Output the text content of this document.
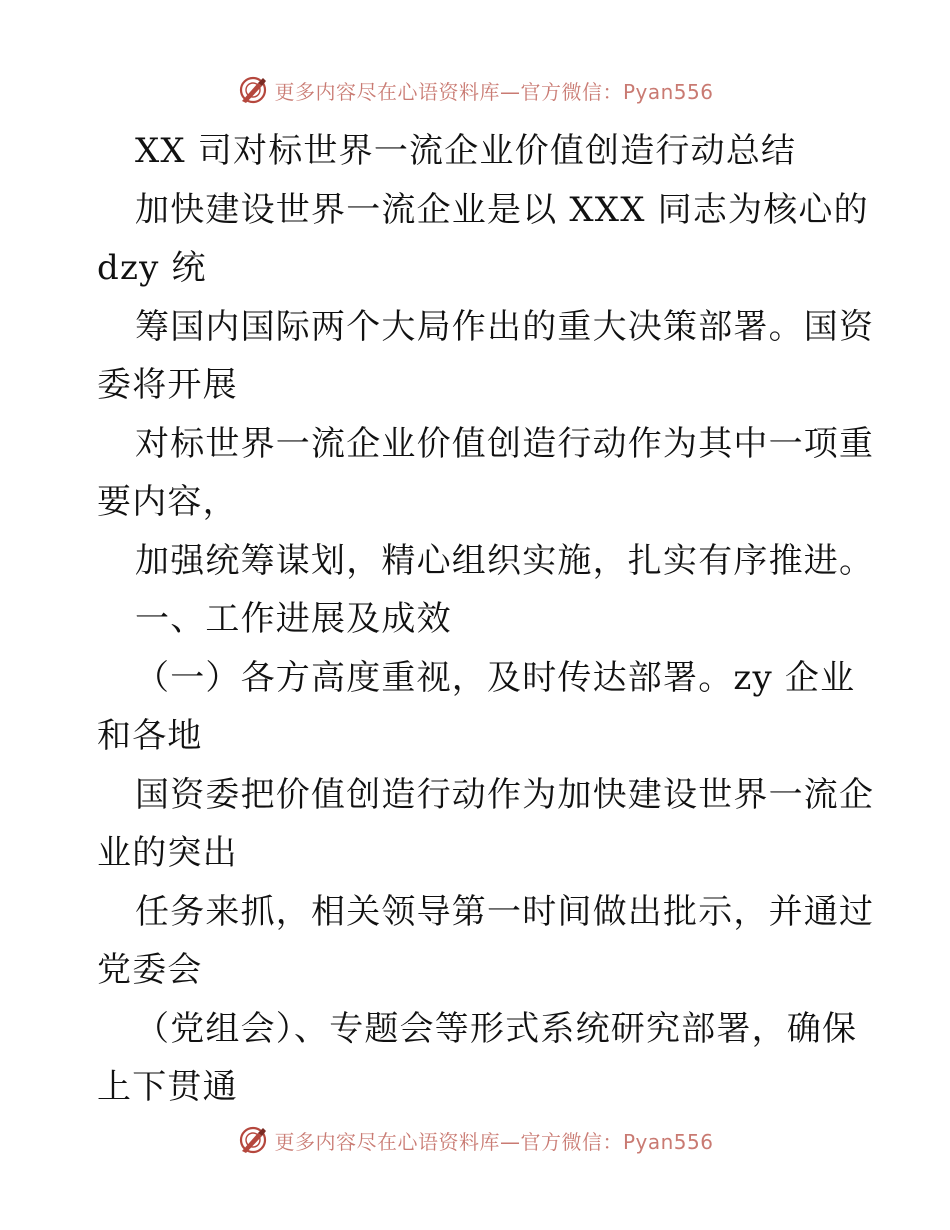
更多内容尽在心语资料库—官方微信：Pyan556

XX 司对标世界一流企业价值创造行动总结
加快建设世界一流企业是以 XXX 同志为核心的
dzy 统
筹国内国际两个大局作出的重大决策部署。国资
委将开展
对标世界一流企业价值创造行动作为其中一项重
要内容，
加强统筹谋划，精心组织实施，扎实有序推进。
一、工作进展及成效
（一）各方高度重视，及时传达部署。zy 企业
和各地
国资委把价值创造行动作为加快建设世界一流企
业的突出
任务来抓，相关领导第一时间做出批示，并通过
党委会
（党组会）、专题会等形式系统研究部署，确保
上下贯通

更多内容尽在心语资料库—官方微信：Pyan556
